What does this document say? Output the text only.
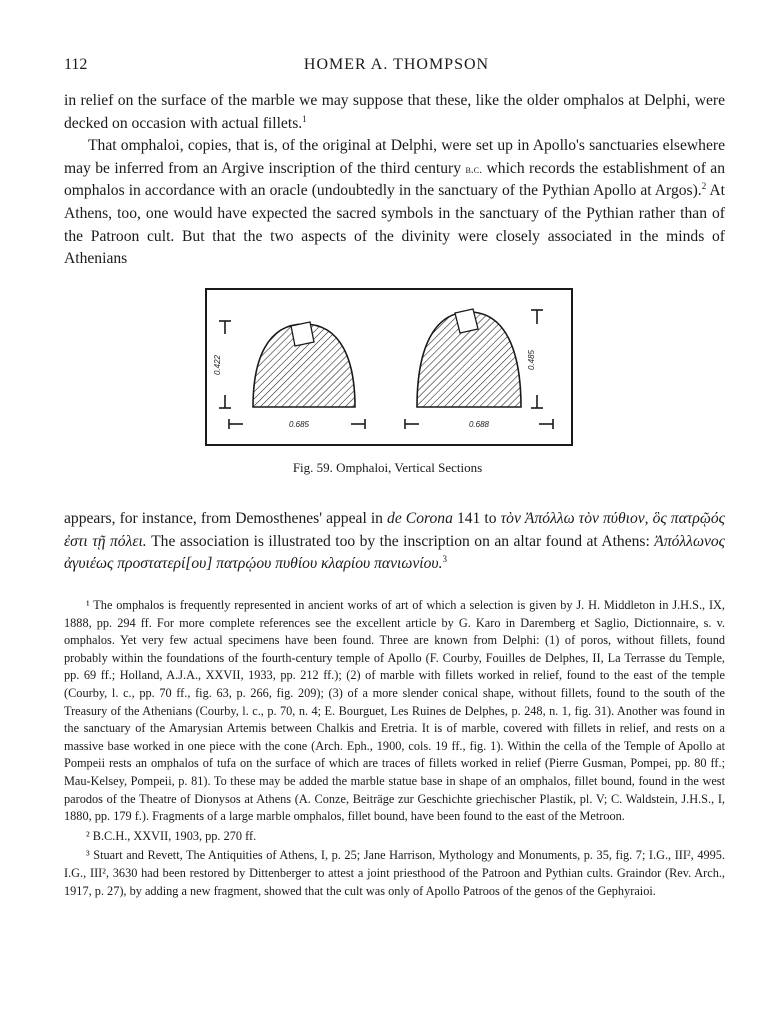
112	HOMER A. THOMPSON

in relief on the surface of the marble we may suppose that these, like the older omphalos at Delphi, were decked on occasion with actual fillets.$^1$

That omphaloi, copies, that is, of the original at Delphi, were set up in Apollo's sanctuaries elsewhere may be inferred from an Argive inscription of the third century b.c. which records the establishment of an omphalos in accordance with an oracle (undoubtedly in the sanctuary of the Pythian Apollo at Argos).$^2$ At Athens, too, one would have expected the sacred symbols in the sanctuary of the Pythian rather than of the Patroon cult. But that the two aspects of the divinity were closely associated in the minds of Athenians

0.422
0.685
0.485
0.688
Fig. 59. Omphaloi, Vertical Sections

appears, for instance, from Demosthenes' appeal in de Corona 141 to τὸν Ἀπόλλω τὸν πύθιον, ὃς πατρῷός ἐστι τῇ πόλει. The association is illustrated too by the inscription on an altar found at Athens: Ἀπόλλωνος ἀγυιέως προστατερί[ου] πατρῴου πυθίου κλαρίου πανιωνίου.$^3$

¹ The omphalos is frequently represented in ancient works of art of which a selection is given by J. H. Middleton in J.H.S., IX, 1888, pp. 294 ff. For more complete references see the excellent article by G. Karo in Daremberg et Saglio, Dictionnaire, s. v. omphalos. Yet very few actual specimens have been found. Three are known from Delphi: (1) of poros, without fillets, found probably within the foundations of the fourth-century temple of Apollo (F. Courby, Fouilles de Delphes, II, La Terrasse du Temple, pp. 69 ff.; Holland, A.J.A., XXVII, 1933, pp. 212 ff.); (2) of marble with fillets worked in relief, found to the east of the temple (Courby, l. c., pp. 70 ff., fig. 63, p. 266, fig. 209); (3) of a more slender conical shape, without fillets, found to the south of the Treasury of the Athenians (Courby, l. c., p. 70, n. 4; E. Bourguet, Les Ruines de Delphes, p. 248, n. 1, fig. 31). Another was found in the sanctuary of the Amarysian Artemis between Chalkis and Eretria. It is of marble, covered with fillets in relief, and rests on a massive base worked in one piece with the cone (Arch. Eph., 1900, cols. 19 ff., fig. 1). Within the cella of the Temple of Apollo at Pompeii rests an omphalos of tufa on the surface of which are traces of fillets worked in relief (Pierre Gusman, Pompei, pp. 80 ff.; Mau-Kelsey, Pompeii, p. 81). To these may be added the marble statue base in shape of an omphalos, fillet bound, found in the west parodos of the Theatre of Dionysos at Athens (A. Conze, Beiträge zur Geschichte griechischer Plastik, pl. V; C. Waldstein, J.H.S., I, 1880, pp. 179 f.). Fragments of a large marble omphalos, fillet bound, have been found to the east of the Metroon.

² B.C.H., XXVII, 1903, pp. 270 ff.

³ Stuart and Revett, The Antiquities of Athens, I, p. 25; Jane Harrison, Mythology and Monuments, p. 35, fig. 7; I.G., III², 4995. I.G., III², 3630 had been restored by Dittenberger to attest a joint priesthood of the Patroon and Pythian cults. Graindor (Rev. Arch., 1917, p. 27), by adding a new fragment, showed that the cult was only of Apollo Patroos of the genos of the Gephyraioi.
